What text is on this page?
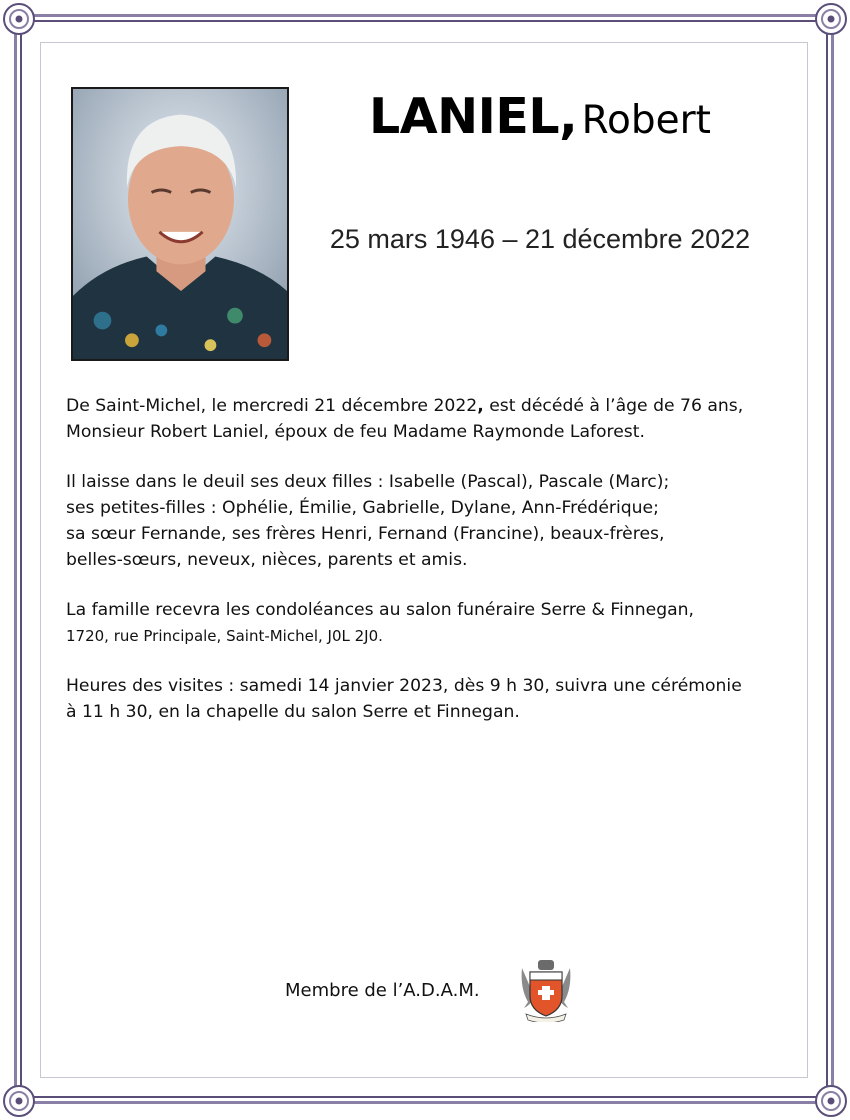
LANIEL, Robert
25 mars 1946 – 21 décembre 2022

De Saint-Michel, le mercredi 21 décembre 2022, est décédé à l’âge de 76 ans,
Monsieur Robert Laniel, époux de feu Madame Raymonde Laforest.

Il laisse dans le deuil ses deux filles : Isabelle (Pascal), Pascale (Marc);
ses petites-filles : Ophélie, Émilie, Gabrielle, Dylane, Ann-Frédérique;
sa sœur Fernande, ses frères Henri, Fernand (Francine), beaux-frères,
belles-sœurs, neveux, nièces, parents et amis.

La famille recevra les condoléances au salon funéraire Serre & Finnegan,
1720, rue Principale, Saint-Michel, J0L 2J0.

Heures des visites : samedi 14 janvier 2023, dès 9 h 30, suivra une cérémonie
à 11 h 30, en la chapelle du salon Serre et Finnegan.

Membre de l’A.D.A.M.
